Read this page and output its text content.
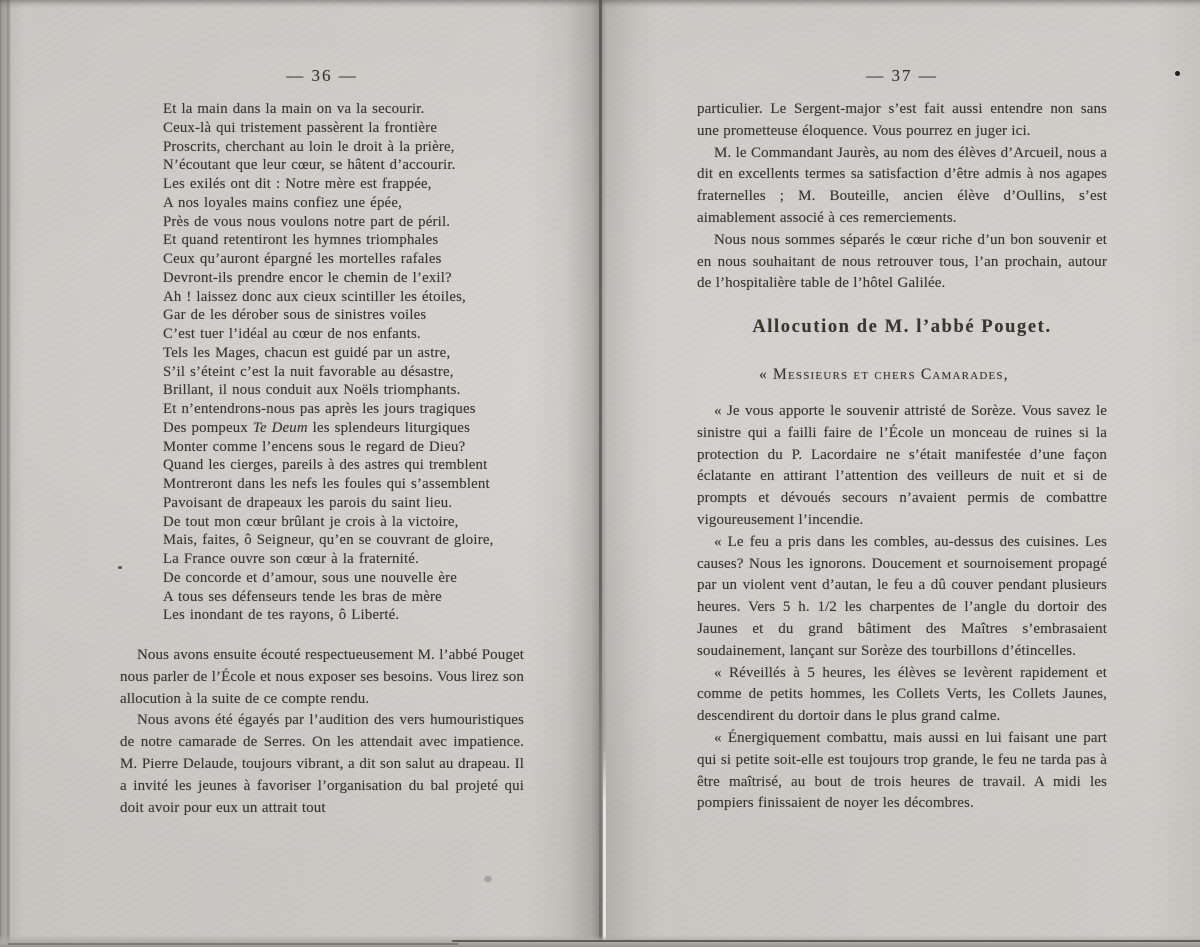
— 36 —
Et la main dans la main on va la secourir.
Ceux-là qui tristement passèrent la frontière
Proscrits, cherchant au loin le droit à la prière,
N’écoutant que leur cœur, se hâtent d’accourir.
Les exilés ont dit : Notre mère est frappée,
A nos loyales mains confiez une épée,
Près de vous nous voulons notre part de péril.
Et quand retentiront les hymnes triomphales
Ceux qu’auront épargné les mortelles rafales
Devront-ils prendre encor le chemin de l’exil?
Ah ! laissez donc aux cieux scintiller les étoiles,
Gar de les dérober sous de sinistres voiles
C’est tuer l’idéal au cœur de nos enfants.
Tels les Mages, chacun est guidé par un astre,
S’il s’éteint c’est la nuit favorable au désastre,
Brillant, il nous conduit aux Noëls triomphants.
Et n’entendrons-nous pas après les jours tragiques
Des pompeux Te Deum les splendeurs liturgiques
Monter comme l’encens sous le regard de Dieu?
Quand les cierges, pareils à des astres qui tremblent
Montreront dans les nefs les foules qui s’assemblent
Pavoisant de drapeaux les parois du saint lieu.
De tout mon cœur brûlant je crois à la victoire,
Mais, faites, ô Seigneur, qu’en se couvrant de gloire,
La France ouvre son cœur à la fraternité.
De concorde et d’amour, sous une nouvelle ère
A tous ses défenseurs tende les bras de mère
Les inondant de tes rayons, ô Liberté.

Nous avons ensuite écouté respectueusement M. l’abbé Pouget nous parler de l’École et nous exposer ses besoins. Vous lirez son allocution à la suite de ce compte rendu.

Nous avons été égayés par l’audition des vers humouristiques de notre camarade de Serres. On les attendait avec impatience. M. Pierre Delaude, toujours vibrant, a dit son salut au drapeau. Il a invité les jeunes à favoriser l’organisation du bal projeté qui doit avoir pour eux un attrait tout

— 37 —

particulier. Le Sergent-major s’est fait aussi entendre non sans une prometteuse éloquence. Vous pourrez en juger ici.

M. le Commandant Jaurès, au nom des élèves d’Arcueil, nous a dit en excellents termes sa satisfaction d’être admis à nos agapes fraternelles ; M. Bouteille, ancien élève d’Oullins, s’est aimablement associé à ces remerciements.

Nous nous sommes séparés le cœur riche d’un bon souvenir et en nous souhaitant de nous retrouver tous, l’an prochain, autour de l’hospitalière table de l’hôtel Galilée.

Allocution de M. l’abbé Pouget.
« Messieurs et chers Camarades,

« Je vous apporte le souvenir attristé de Sorèze. Vous savez le sinistre qui a failli faire de l’École un monceau de ruines si la protection du P. Lacordaire ne s’était manifestée d’une façon éclatante en attirant l’attention des veilleurs de nuit et si de prompts et dévoués secours n’avaient permis de combattre vigoureusement l’incendie.

« Le feu a pris dans les combles, au-dessus des cuisines. Les causes? Nous les ignorons. Doucement et sournoisement propagé par un violent vent d’autan, le feu a dû couver pendant plusieurs heures. Vers 5 h. 1/2 les charpentes de l’angle du dortoir des Jaunes et du grand bâtiment des Maîtres s’embrasaient soudainement, lançant sur Sorèze des tourbillons d’étincelles.

« Réveillés à 5 heures, les élèves se levèrent rapidement et comme de petits hommes, les Collets Verts, les Collets Jaunes, descendirent du dortoir dans le plus grand calme.

« Énergiquement combattu, mais aussi en lui faisant une part qui si petite soit-elle est toujours trop grande, le feu ne tarda pas à être maîtrisé, au bout de trois heures de travail. A midi les pompiers finissaient de noyer les décombres.
